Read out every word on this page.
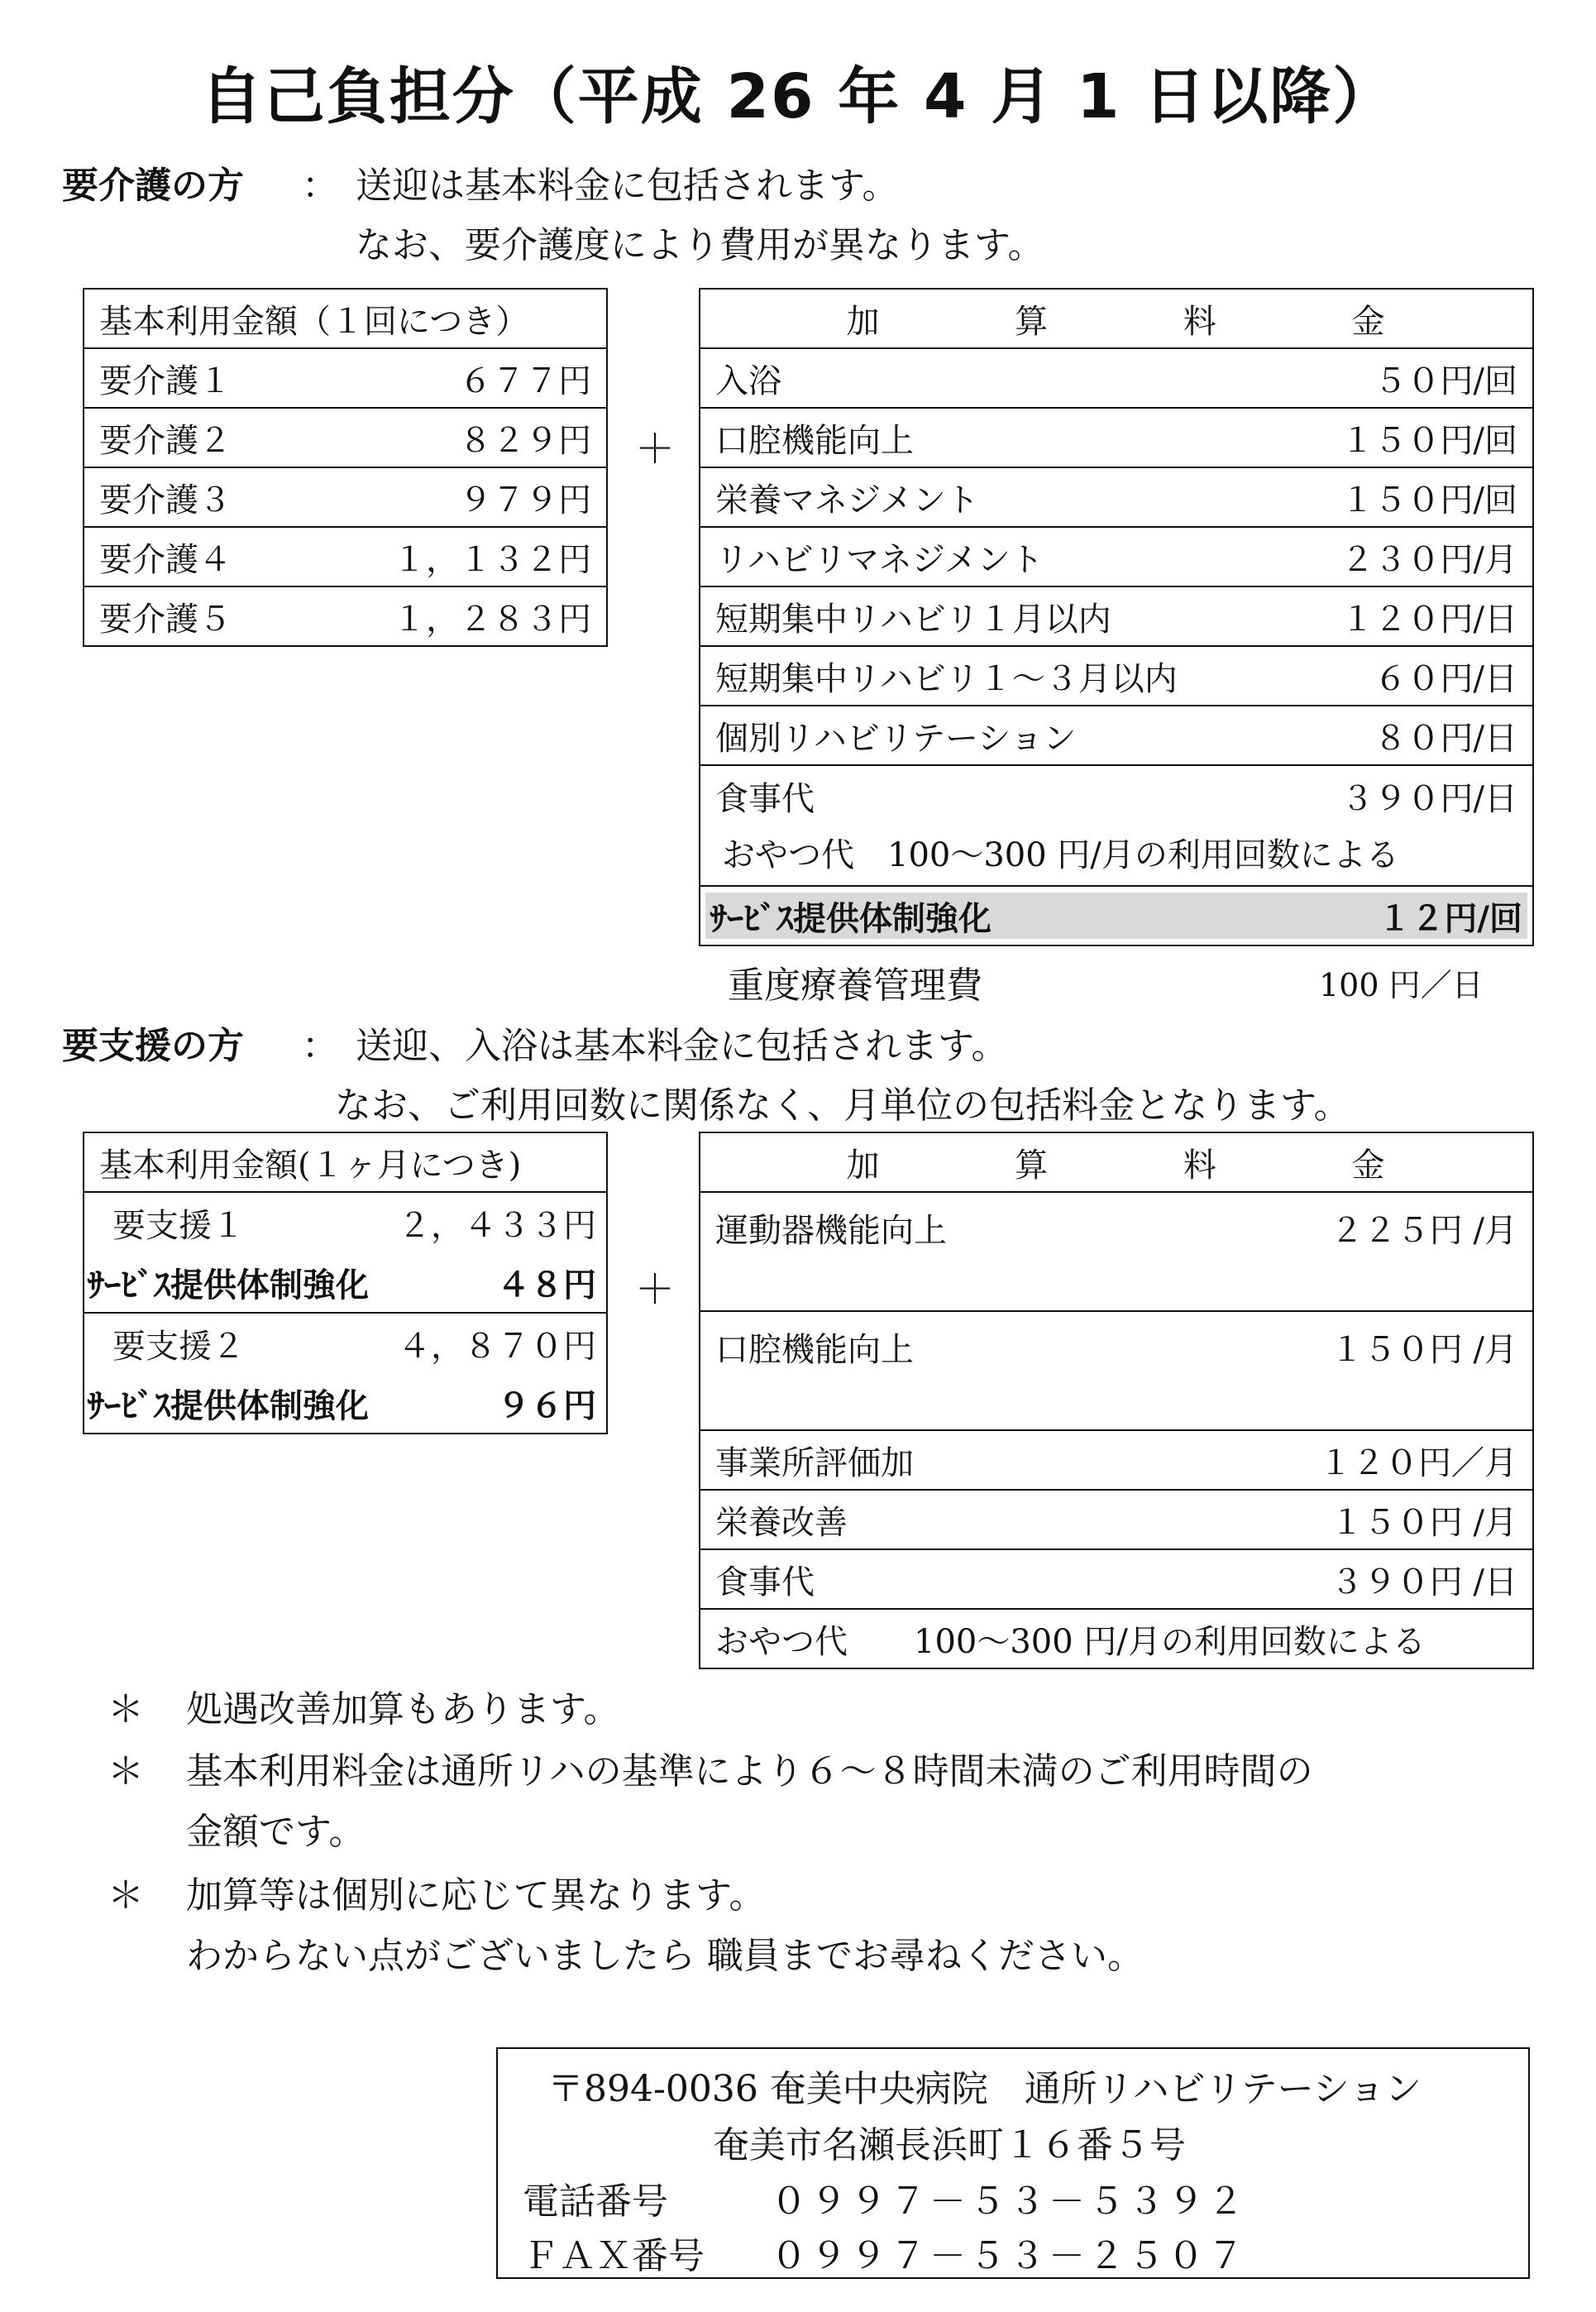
自己負担分（平成 26 年 4 月 1 日以降）
要介護の方 ： 送迎は基本料金に包括されます。
なお、要介護度により費用が異なります。
基本利用金額（１回につき）

要介護１	６７７円

要介護２	８２９円

要介護３	９７９円

要介護４	１，１３２円

要介護５	１，２８３円
＋
加	算	料	金

入浴	５０円/回

口腔機能向上	１５０円/回

栄養マネジメント	１５０円/回

リハビリマネジメント	２３０円/月

短期集中リハビリ１月以内	１２０円/日

短期集中リハビリ１～３月以内	６０円/日

個別リハビリテーション	８０円/日

食事代	３９０円/日
おやつ代　100～300 円/月の利用回数による

ｻｰﾋﾞｽ提供体制強化	１２円/回
重度療養管理費	100 円／日
要支援の方 ： 送迎、入浴は基本料金に包括されます。
なお、ご利用回数に関係なく、月単位の包括料金となります。
基本利用金額(１ヶ月につき)

要支援１	２，４３３円
ｻｰﾋﾞｽ提供体制強化	４８円

要支援２	４，８７０円
ｻｰﾋﾞｽ提供体制強化	９６円
＋
加	算	料	金

運動器機能向上	２２５円 /月

口腔機能向上	１５０円 /月

事業所評価加	１２０円／月

栄養改善	１５０円 /月

食事代	３９０円 /日

おやつ代　　100～300 円/月の利用回数による
＊ 処遇改善加算もあります。
＊ 基本利用料金は通所リハの基準により６～８時間未満のご利用時間の
金額です。
＊ 加算等は個別に応じて異なります。
わからない点がございましたら 職員までお尋ねください。
〒894-0036 奄美中央病院　通所リハビリテーション
奄美市名瀬長浜町１６番５号
電話番号	０９９７－５３－５３９２
ＦＡＸ番号 ０９９７－５３－２５０７
